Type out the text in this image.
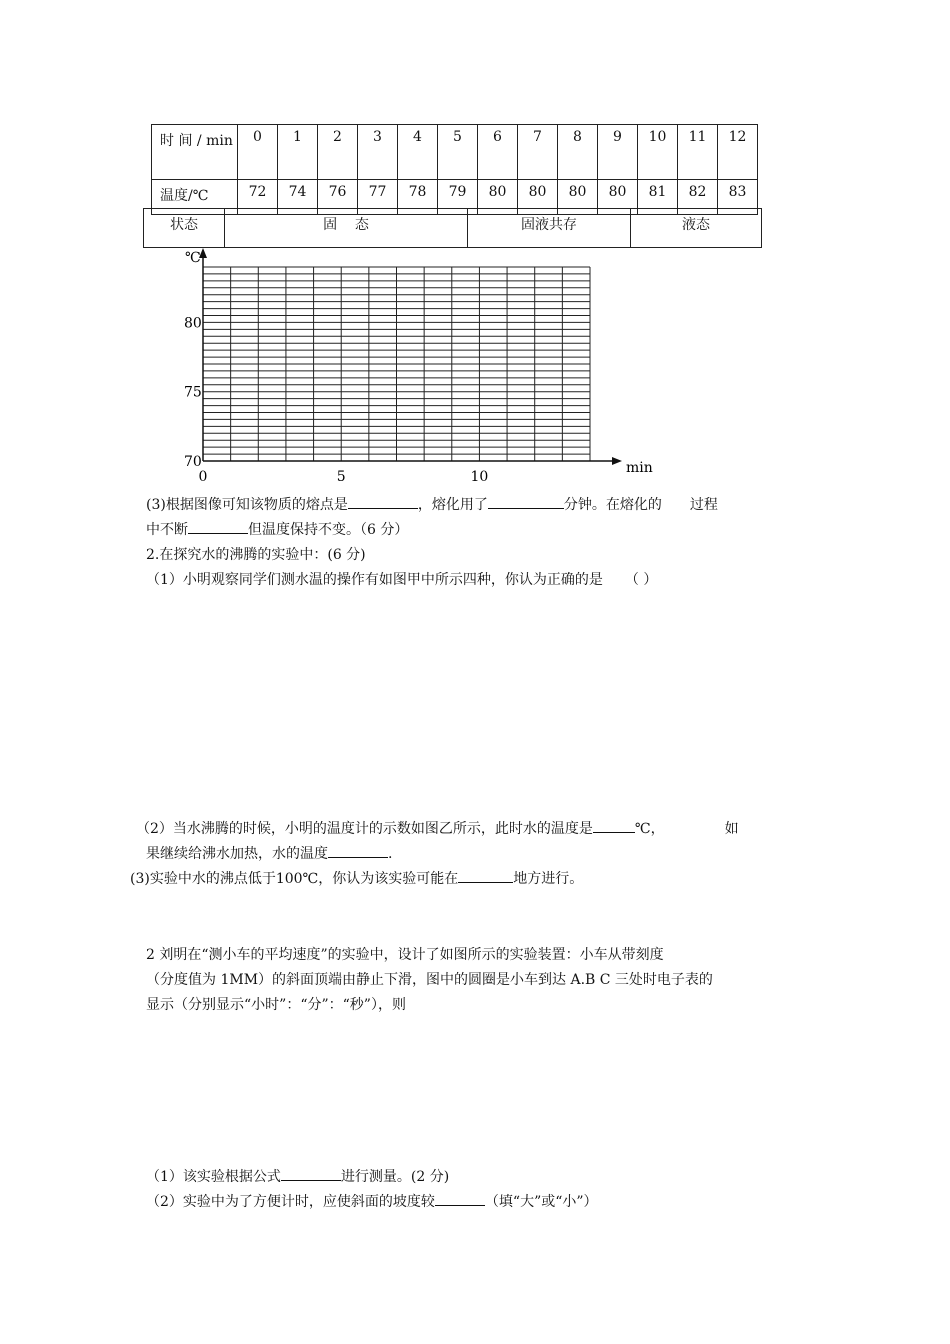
时 间 / min	0	1	2	3	4	5	6	7	8	9	10	11	12
温度/℃	72	74	76	77	78	79	80	80	80	80	81	82	83
状态	固    态	固液共存	液态
℃
min
70
75
80
0	5	10
(3)根据图像可知该物质的熔点是	，熔化用了	分钟。在熔化的 过程
中不断	但温度保持不变。（6 分）
2.在探究水的沸腾的实验中：(6 分)
（1）小明观察同学们测水温的操作有如图甲中所示四种，你认为正确的是 （ ）
（2）当水沸腾的时候，小明的温度计的示数如图乙所示，此时水的温度是	℃，	如
果继续给沸水加热，水的温度	.
(3)实验中水的沸点低于100℃，你认为该实验可能在	地方进行。
2 刘明在“测小车的平均速度”的实验中，设计了如图所示的实验装置：小车从带刻度
（分度值为 1MM）的斜面顶端由静止下滑，图中的圆圈是小车到达 A.B C 三处时电子表的
显示（分别显示“小时”：“分”：“秒”），则
（1）该实验根据公式	进行测量。(2 分)
（2）实验中为了方便计时，应使斜面的坡度较	（填“大”或“小”）
